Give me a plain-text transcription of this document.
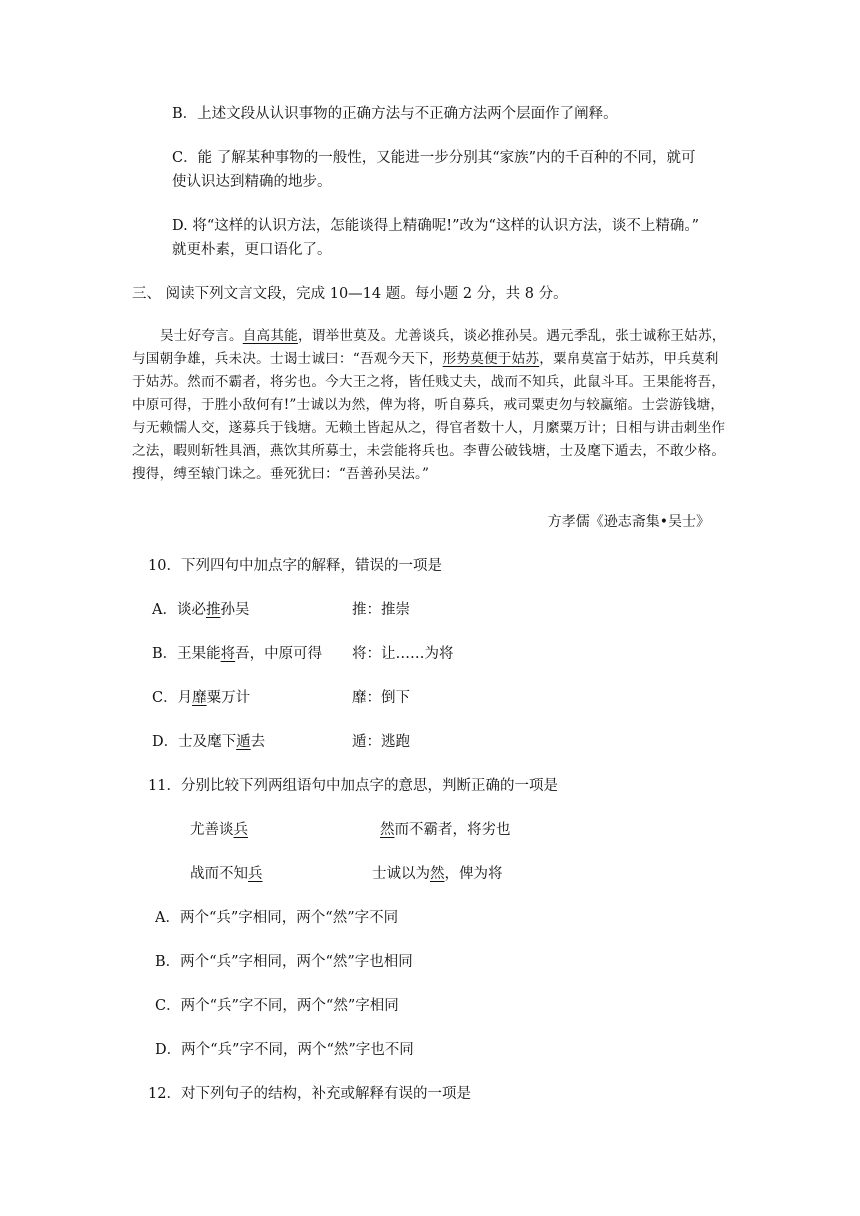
B．上述文段从认识事物的正确方法与不正确方法两个层面作了阐释。
C．能 了解某种事物的一般性，又能进一步分别其“家族”内的千百种的不同，就可
使认识达到精确的地步。
D. 将“这样的认识方法，怎能谈得上精确呢!”改为“这样的认识方法，谈不上精确。”
就更朴素，更口语化了。
三、 阅读下列文言文段，完成 10—14 题。每小题 2 分，共 8 分。
吴士好夸言。自高其能，谓举世莫及。尤善谈兵，谈必推孙吴。遇元季乱，张士诚称王姑苏，与国朝争雄，兵未决。士谒士诚曰：“吾观今天下，形势莫便于姑苏，粟帛莫富于姑苏，甲兵莫利于姑苏。然而不霸者，将劣也。今大王之将，皆任贱丈夫，战而不知兵，此鼠斗耳。王果能将吾，中原可得，于胜小敌何有!”士诚以为然，俾为将，听自募兵，戒司粟吏勿与较赢缩。士尝游钱塘，与无赖懦人交，遂募兵于钱塘。无赖土皆起从之，得官者数十人，月縻粟万计；日相与讲击刺坐作之法，暇则斩牲具酒，燕饮其所募士，未尝能将兵也。李曹公破钱塘，士及麾下遁去，不敢少格。搜得，缚至辕门诛之。垂死犹曰：“吾善孙吴法。”
方孝儒《逊志斋集•吴士》
10．下列四句中加点字的解释，错误的一项是
A．谈必推孙吴	推：推崇
B．王果能将吾，中原可得 将：让……为将
C．月靡粟万计	靡：倒下
D．士及麾下遁去	遁：逃跑
11．分别比较下列两组语句中加点字的意思，判断正确的一项是
尤善谈兵	然而不霸者，将劣也
战而不知兵	士诚以为然，俾为将
A．两个“兵”字相同，两个“然”字不同
B．两个“兵”字相同，两个“然”字也相同
C．两个“兵”字不同，两个“然”字相同
D．两个“兵”字不同，两个“然”字也不同
12．对下列句子的结构，补充或解释有误的一项是
